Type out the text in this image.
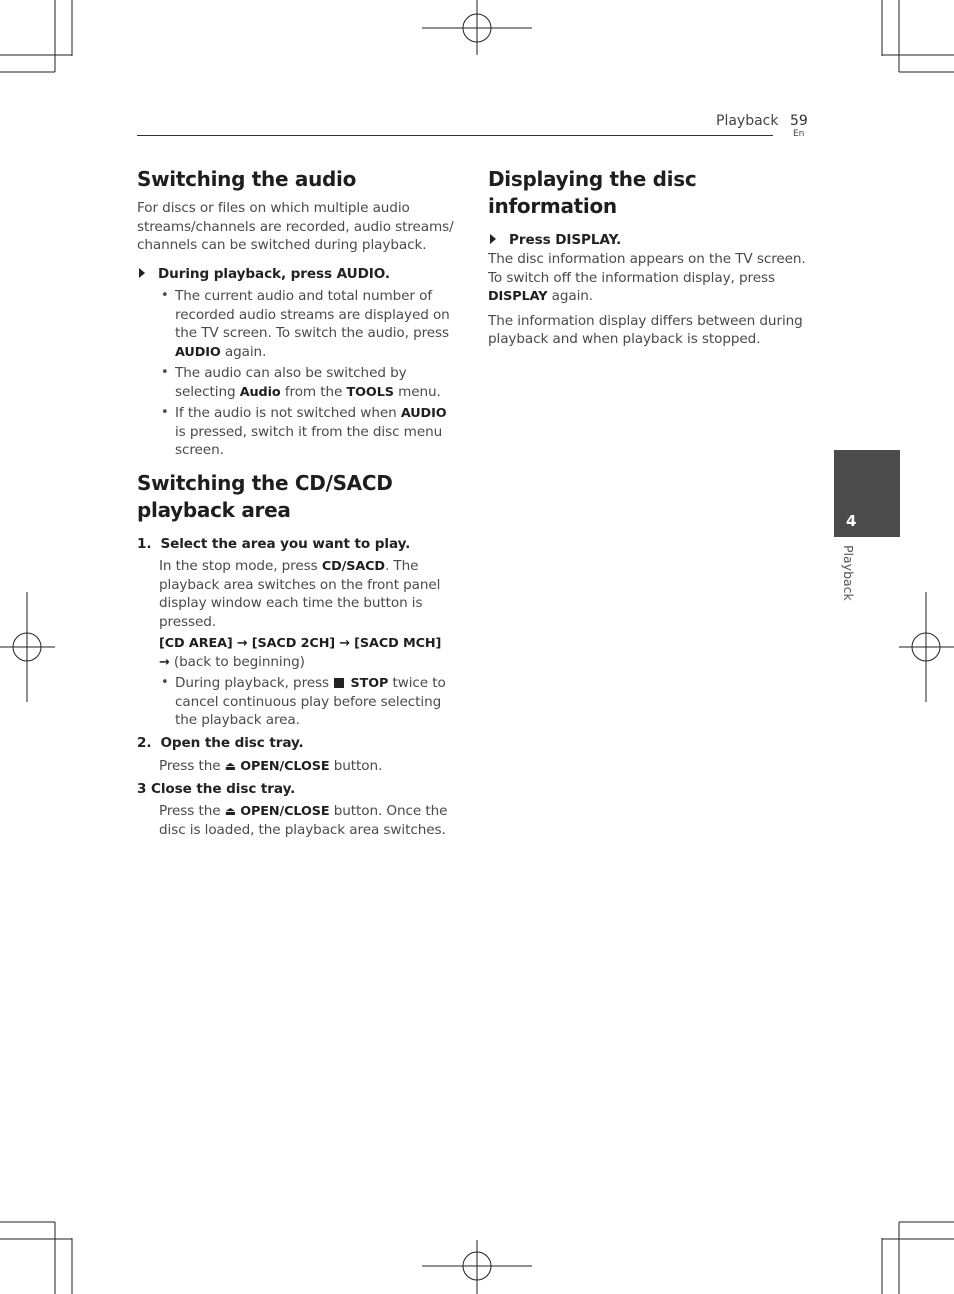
Playback 59
En
4
Playback
Switching the audio
For discs or files on which multiple audio
streams/channels are recorded, audio streams/
channels can be switched during playback.
During playback, press AUDIO.
• The current audio and total number of
recorded audio streams are displayed on
the TV screen. To switch the audio, press
AUDIO again.
• The audio can also be switched by
selecting Audio from the TOOLS menu.
• If the audio is not switched when AUDIO
is pressed, switch it from the disc menu
screen.
Switching the CD/SACD
playback area
1. Select the area you want to play.
In the stop mode, press CD/SACD. The
playback area switches on the front panel
display window each time the button is
pressed.
[CD AREA] → [SACD 2CH] → [SACD MCH]
→ (back to beginning)
• During playback, press  STOP twice to
cancel continuous play before selecting
the playback area.
2. Open the disc tray.
Press the ⏏ OPEN/CLOSE button.
3 Close the disc tray.
Press the ⏏ OPEN/CLOSE button. Once the
disc is loaded, the playback area switches.
Displaying the disc
information
Press DISPLAY.
The disc information appears on the TV screen.
To switch off the information display, press
DISPLAY again.
The information display differs between during
playback and when playback is stopped.
